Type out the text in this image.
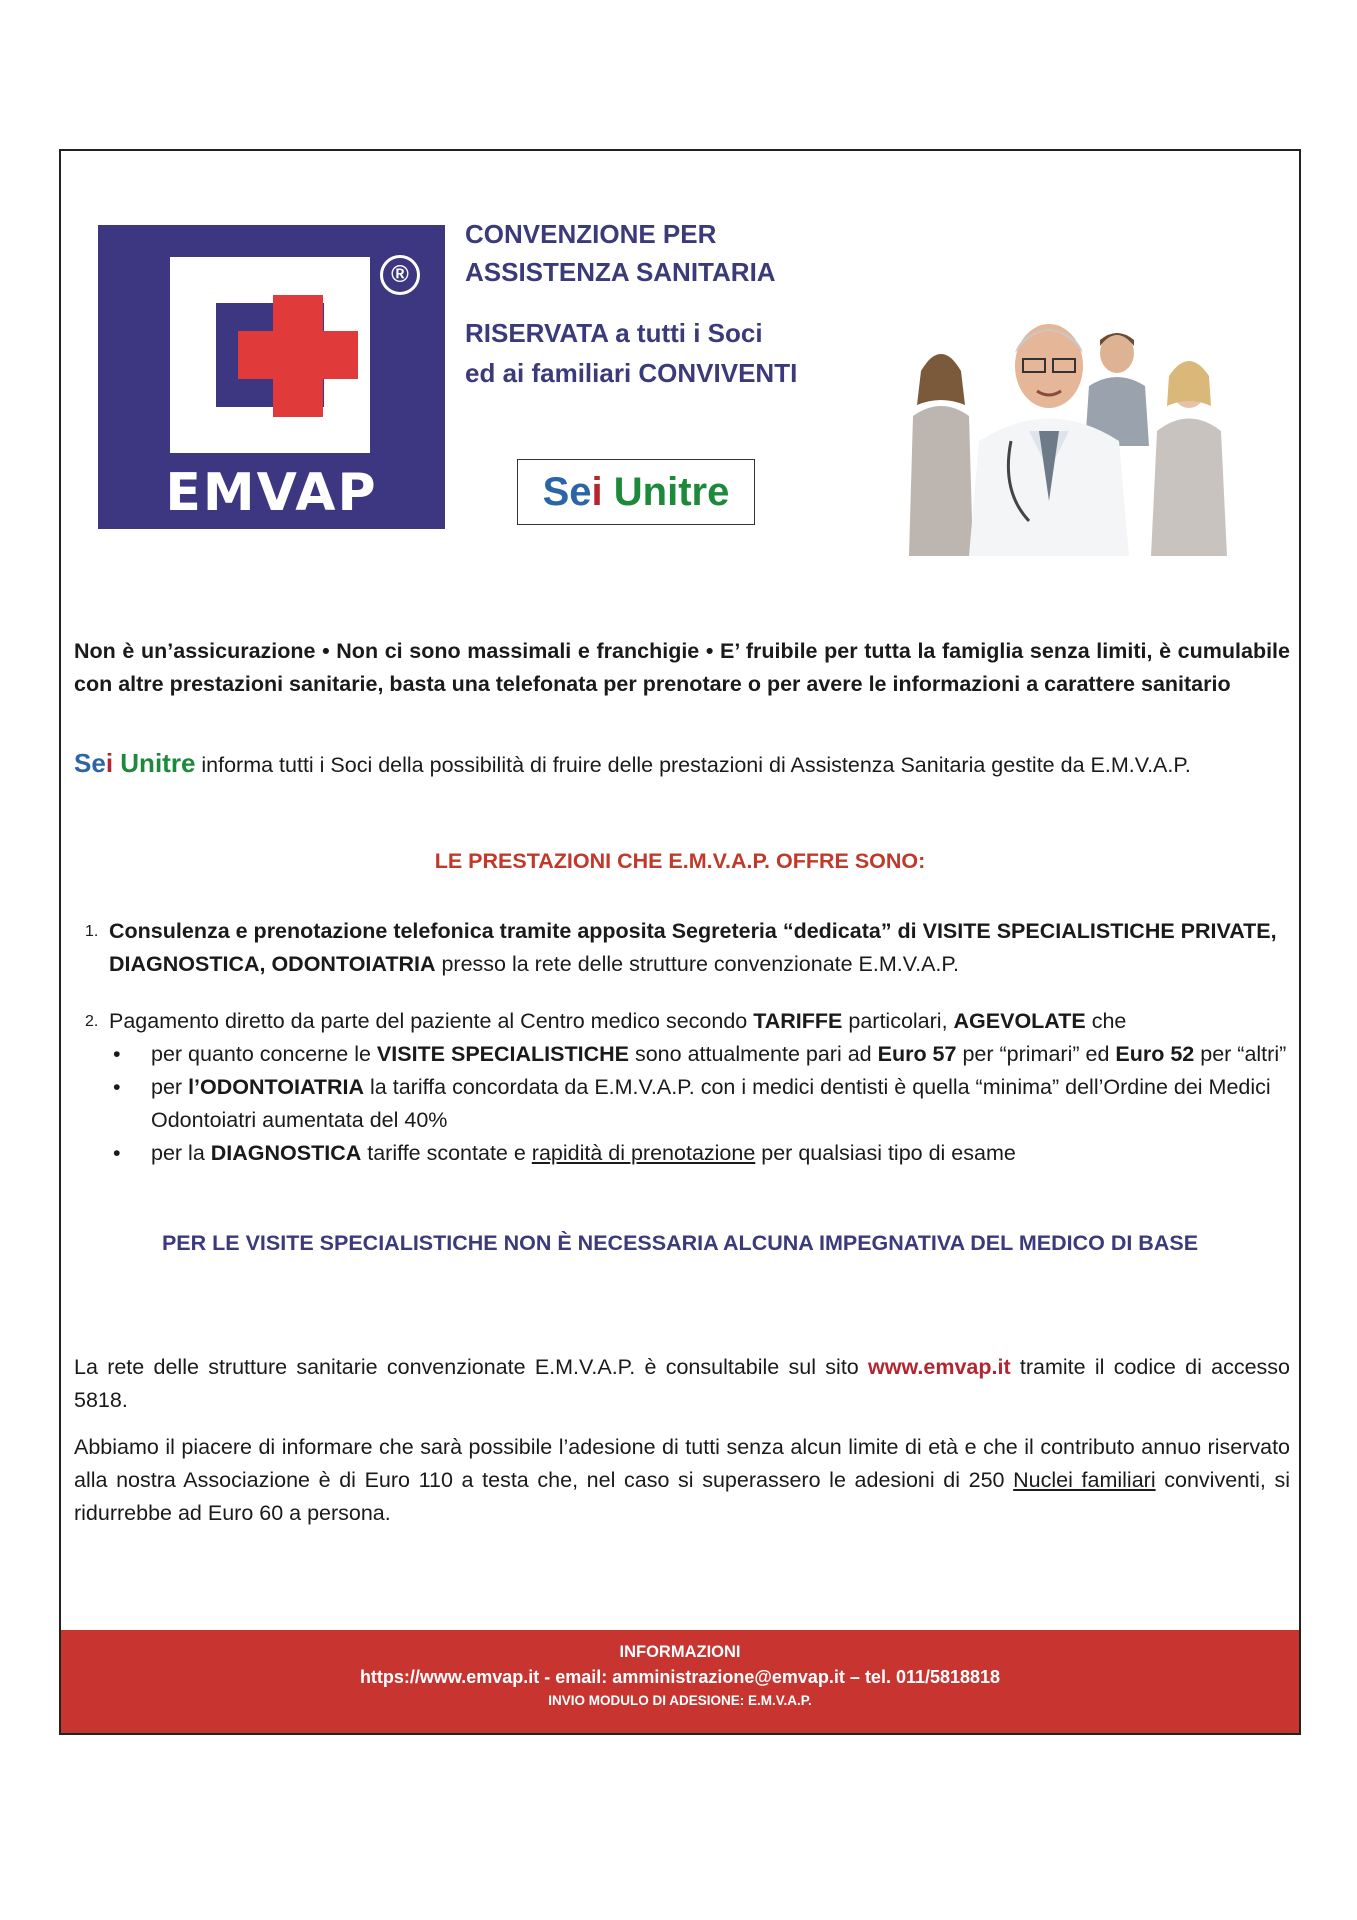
®
EMVAP
CONVENZIONE PER
ASSISTENZA SANITARIA
RISERVATA a tutti i Soci
ed ai familiari CONVIVENTI
Sei Unitre
Non è un’assicurazione • Non ci sono massimali e franchigie • E’ fruibile per tutta la famiglia senza limiti, è cumulabile con altre prestazioni sanitarie, basta una telefonata per prenotare o per avere le informazioni a carattere sanitario
Sei Unitre informa tutti i Soci della possibilità di fruire delle prestazioni di Assistenza Sanitaria gestite da E.M.V.A.P.
LE PRESTAZIONI CHE E.M.V.A.P. OFFRE SONO:
1. Consulenza e prenotazione telefonica tramite apposita Segreteria “dedicata” di VISITE SPECIALISTICHE PRIVATE, DIAGNOSTICA, ODONTOIATRIA presso la rete delle strutture convenzionate E.M.V.A.P.
2. Pagamento diretto da parte del paziente al Centro medico secondo TARIFFE particolari, AGEVOLATE che
• per quanto concerne le VISITE SPECIALISTICHE sono attualmente pari ad Euro 57 per “primari” ed Euro 52 per “altri”
• per l’ODONTOIATRIA la tariffa concordata da E.M.V.A.P. con i medici dentisti è quella “minima” dell’Ordine dei Medici Odontoiatri aumentata del 40%
• per la DIAGNOSTICA tariffe scontate e rapidità di prenotazione per qualsiasi tipo di esame
PER LE VISITE SPECIALISTICHE NON È NECESSARIA ALCUNA IMPEGNATIVA DEL MEDICO DI BASE
La rete delle strutture sanitarie convenzionate E.M.V.A.P. è consultabile sul sito www.emvap.it tramite il codice di accesso 5818.
Abbiamo il piacere di informare che sarà possibile l’adesione di tutti senza alcun limite di età e che il contributo annuo riservato alla nostra Associazione è di Euro 110 a testa che, nel caso si superassero le adesioni di 250 Nuclei familiari conviventi, si ridurrebbe ad Euro 60 a persona.
INFORMAZIONI
https://www.emvap.it - email: amministrazione@emvap.it – tel. 011/5818818
INVIO MODULO DI ADESIONE: E.M.V.A.P.
